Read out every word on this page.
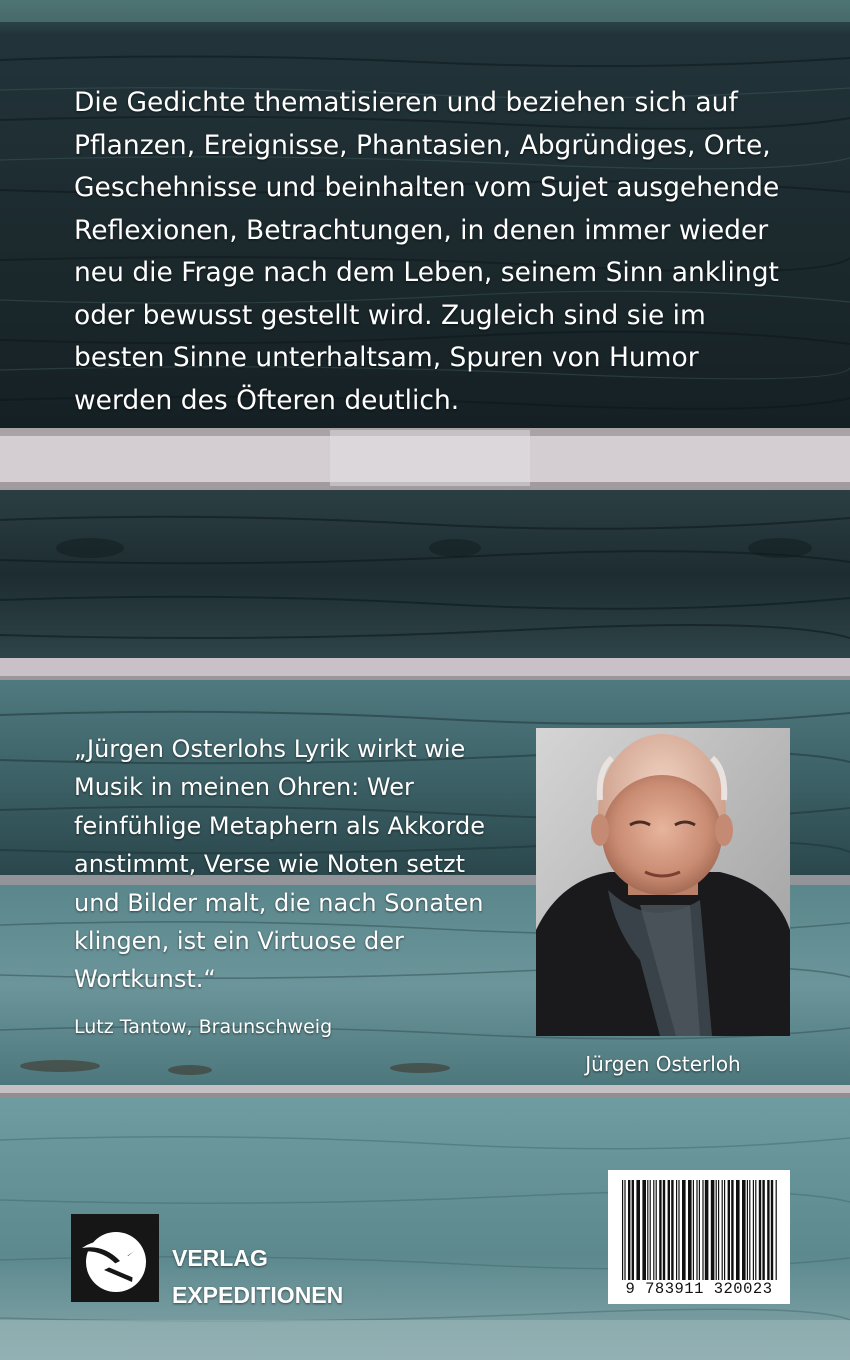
Die Gedichte thematisieren und beziehen sich auf Pflanzen, Ereignisse, Phantasien, Abgründiges, Orte, Geschehnisse und beinhalten vom Sujet ausgehende Reflexionen, Betrachtungen, in denen immer wieder neu die Frage nach dem Leben, seinem Sinn anklingt oder bewusst gestellt wird. Zugleich sind sie im besten Sinne unterhaltsam, Spuren von Humor werden des Öfteren deutlich.

„Jürgen Osterlohs Lyrik wirkt wie Musik in meinen Ohren: Wer feinfühlige Metaphern als Akkorde anstimmt, Verse wie Noten setzt und Bilder malt, die nach Sonaten klingen, ist ein Virtuose der Wortkunst.“

Lutz Tantow, Braunschweig

Jürgen Osterloh

VERLAG
EXPEDITIONEN	9 783911 320023
